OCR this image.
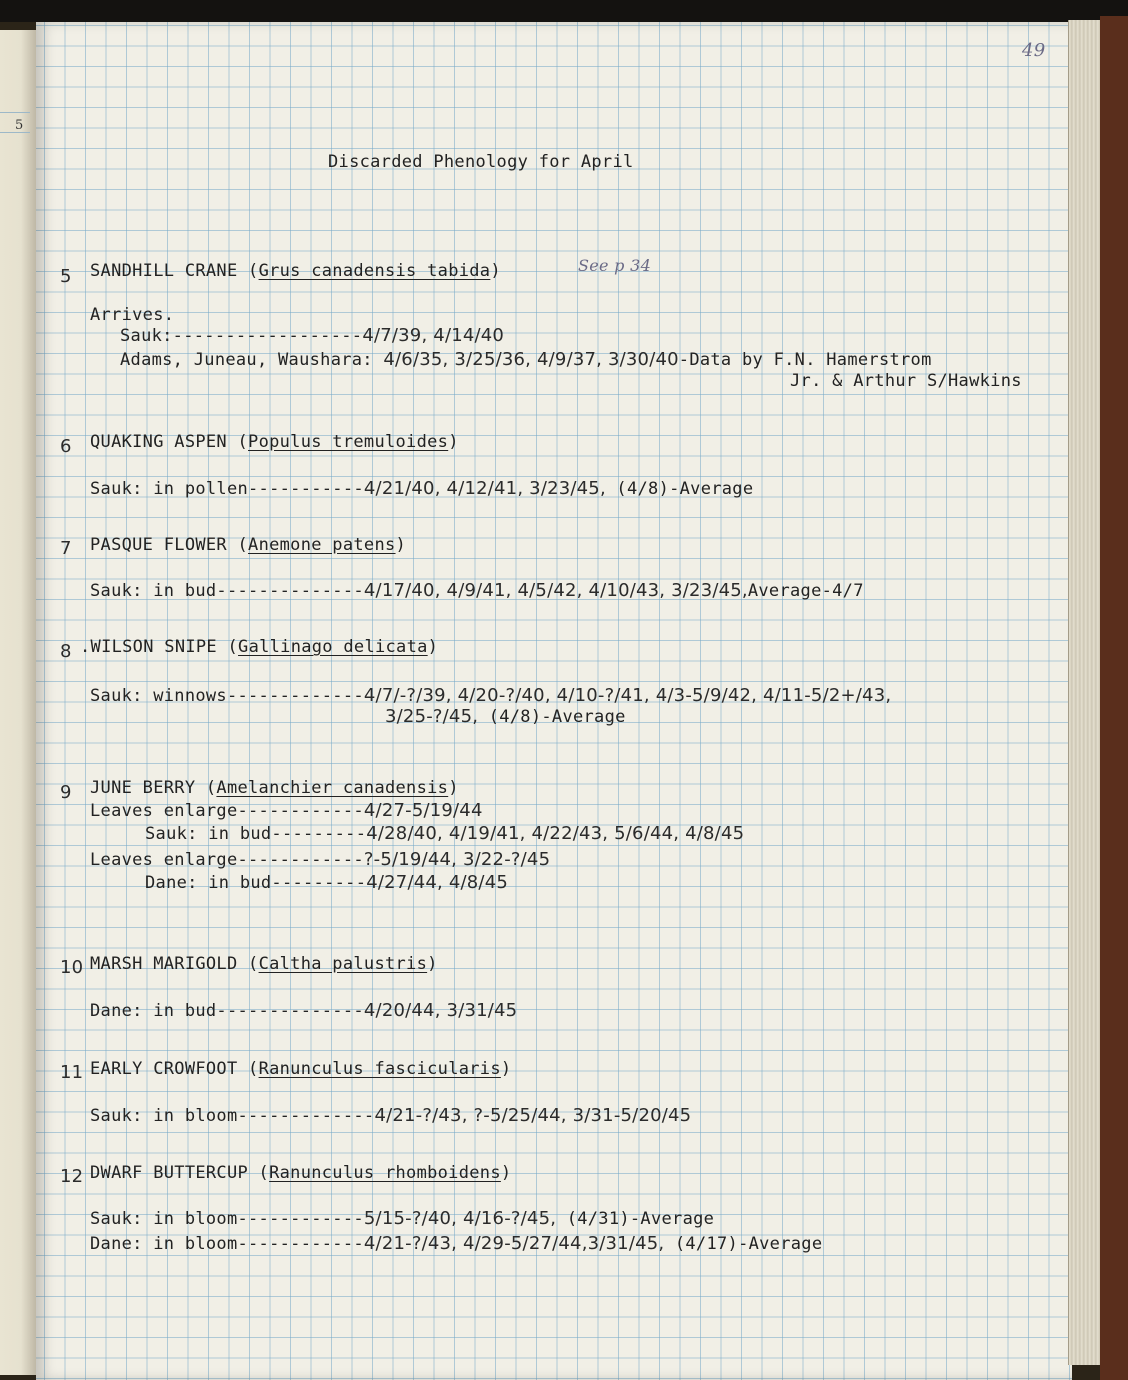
5
49
Discarded Phenology for April
5 SANDHILL CRANE (Grus canadensis tabida)	See p 34
Arrives.
Sauk:------------------4/7/39, 4/14/40
Adams, Juneau, Waushara: 4/6/35, 3/25/36, 4/9/37, 3/30/40-Data by F.N. Hamerstrom
Jr. & Arthur S/Hawkins
6 QUAKING ASPEN (Populus tremuloides)
Sauk: in pollen-----------4/21/40, 4/12/41, 3/23/45, (4/8)-Average
7 PASQUE FLOWER (Anemone patens)
Sauk: in bud--------------4/17/40, 4/9/41, 4/5/42, 4/10/43, 3/23/45,Average-4/7
8 .WILSON SNIPE (Gallinago delicata)
Sauk: winnows-------------4/7/-?/39, 4/20-?/40, 4/10-?/41, 4/3-5/9/42, 4/11-5/2+/43,
3/25-?/45, (4/8)-Average
9 JUNE BERRY (Amelanchier canadensis)
Leaves enlarge------------4/27-5/19/44
Sauk: in bud---------4/28/40, 4/19/41, 4/22/43, 5/6/44, 4/8/45
Leaves enlarge------------?-5/19/44, 3/22-?/45
Dane: in bud---------4/27/44, 4/8/45
10 MARSH MARIGOLD (Caltha palustris)
Dane: in bud--------------4/20/44, 3/31/45
11 EARLY CROWFOOT (Ranunculus fascicularis)
Sauk: in bloom-------------4/21-?/43, ?-5/25/44, 3/31-5/20/45
12 DWARF BUTTERCUP (Ranunculus rhomboidens)
Sauk: in bloom------------5/15-?/40, 4/16-?/45, (4/31)-Average
Dane: in bloom------------4/21-?/43, 4/29-5/27/44,3/31/45, (4/17)-Average
